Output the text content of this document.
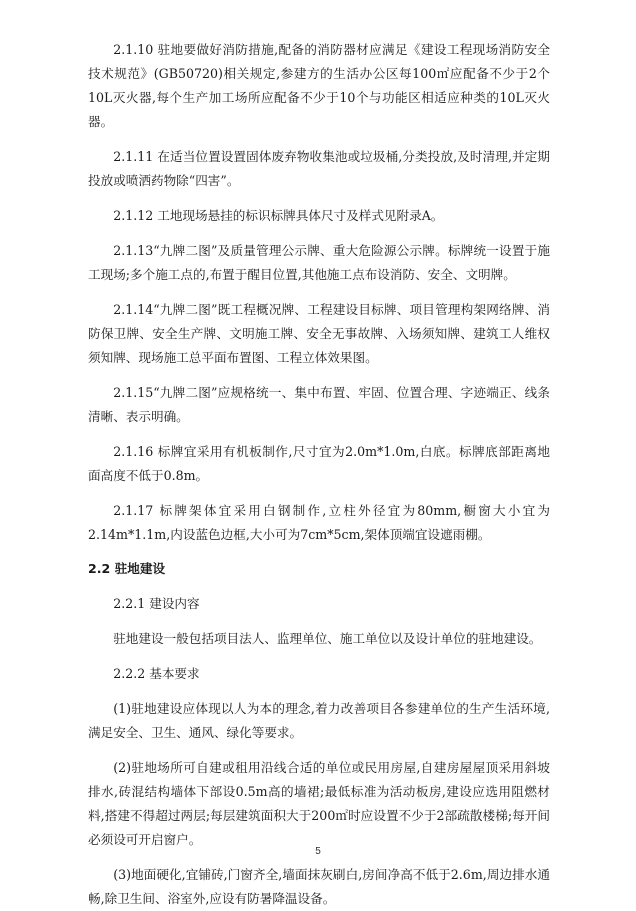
2.1.10 驻地要做好消防措施,配备的消防器材应满足《建设工程现场消防安全技术规范》(GB50720)相关规定,参建方的生活办公区每100㎡应配备不少于2个10L灭火器,每个生产加工场所应配备不少于10个与功能区相适应种类的10L灭火器。

2.1.11 在适当位置设置固体废弃物收集池或垃圾桶,分类投放,及时清理,并定期投放或喷洒药物除“四害”。

2.1.12 工地现场悬挂的标识标牌具体尺寸及样式见附录A。

2.1.13“九牌二图”及质量管理公示牌、重大危险源公示牌。标牌统一设置于施工现场;多个施工点的,布置于醒目位置,其他施工点布设消防、安全、文明牌。

2.1.14“九牌二图”既工程概况牌、工程建设目标牌、项目管理构架网络牌、消防保卫牌、安全生产牌、文明施工牌、安全无事故牌、入场须知牌、建筑工人维权须知牌、现场施工总平面布置图、工程立体效果图。

2.1.15“九牌二图”应规格统一、集中布置、牢固、位置合理、字迹端正、线条清晰、表示明确。

2.1.16 标牌宜采用有机板制作,尺寸宜为2.0m*1.0m,白底。标牌底部距离地面高度不低于0.8m。

2.1.17 标牌架体宜采用白钢制作,立柱外径宜为80mm,橱窗大小宜为2.14m*1.1m,内设蓝色边框,大小可为7cm*5cm,架体顶端宜设遮雨棚。

2.2 驻地建设

2.2.1 建设内容

驻地建设一般包括项目法人、监理单位、施工单位以及设计单位的驻地建设。

2.2.2 基本要求

(1)驻地建设应体现以人为本的理念,着力改善项目各参建单位的生产生活环境,满足安全、卫生、通风、绿化等要求。

(2)驻地场所可自建或租用沿线合适的单位或民用房屋,自建房屋屋顶采用斜坡排水,砖混结构墙体下部设0.5m高的墙裙;最低标准为活动板房,建设应选用阻燃材料,搭建不得超过两层;每层建筑面积大于200㎡时应设置不少于2部疏散楼梯;每开间必须设可开启窗户。

(3)地面硬化,宜铺砖,门窗齐全,墙面抹灰刷白,房间净高不低于2.6m,周边排水通畅,除卫生间、浴室外,应设有防暑降温设备。

5
